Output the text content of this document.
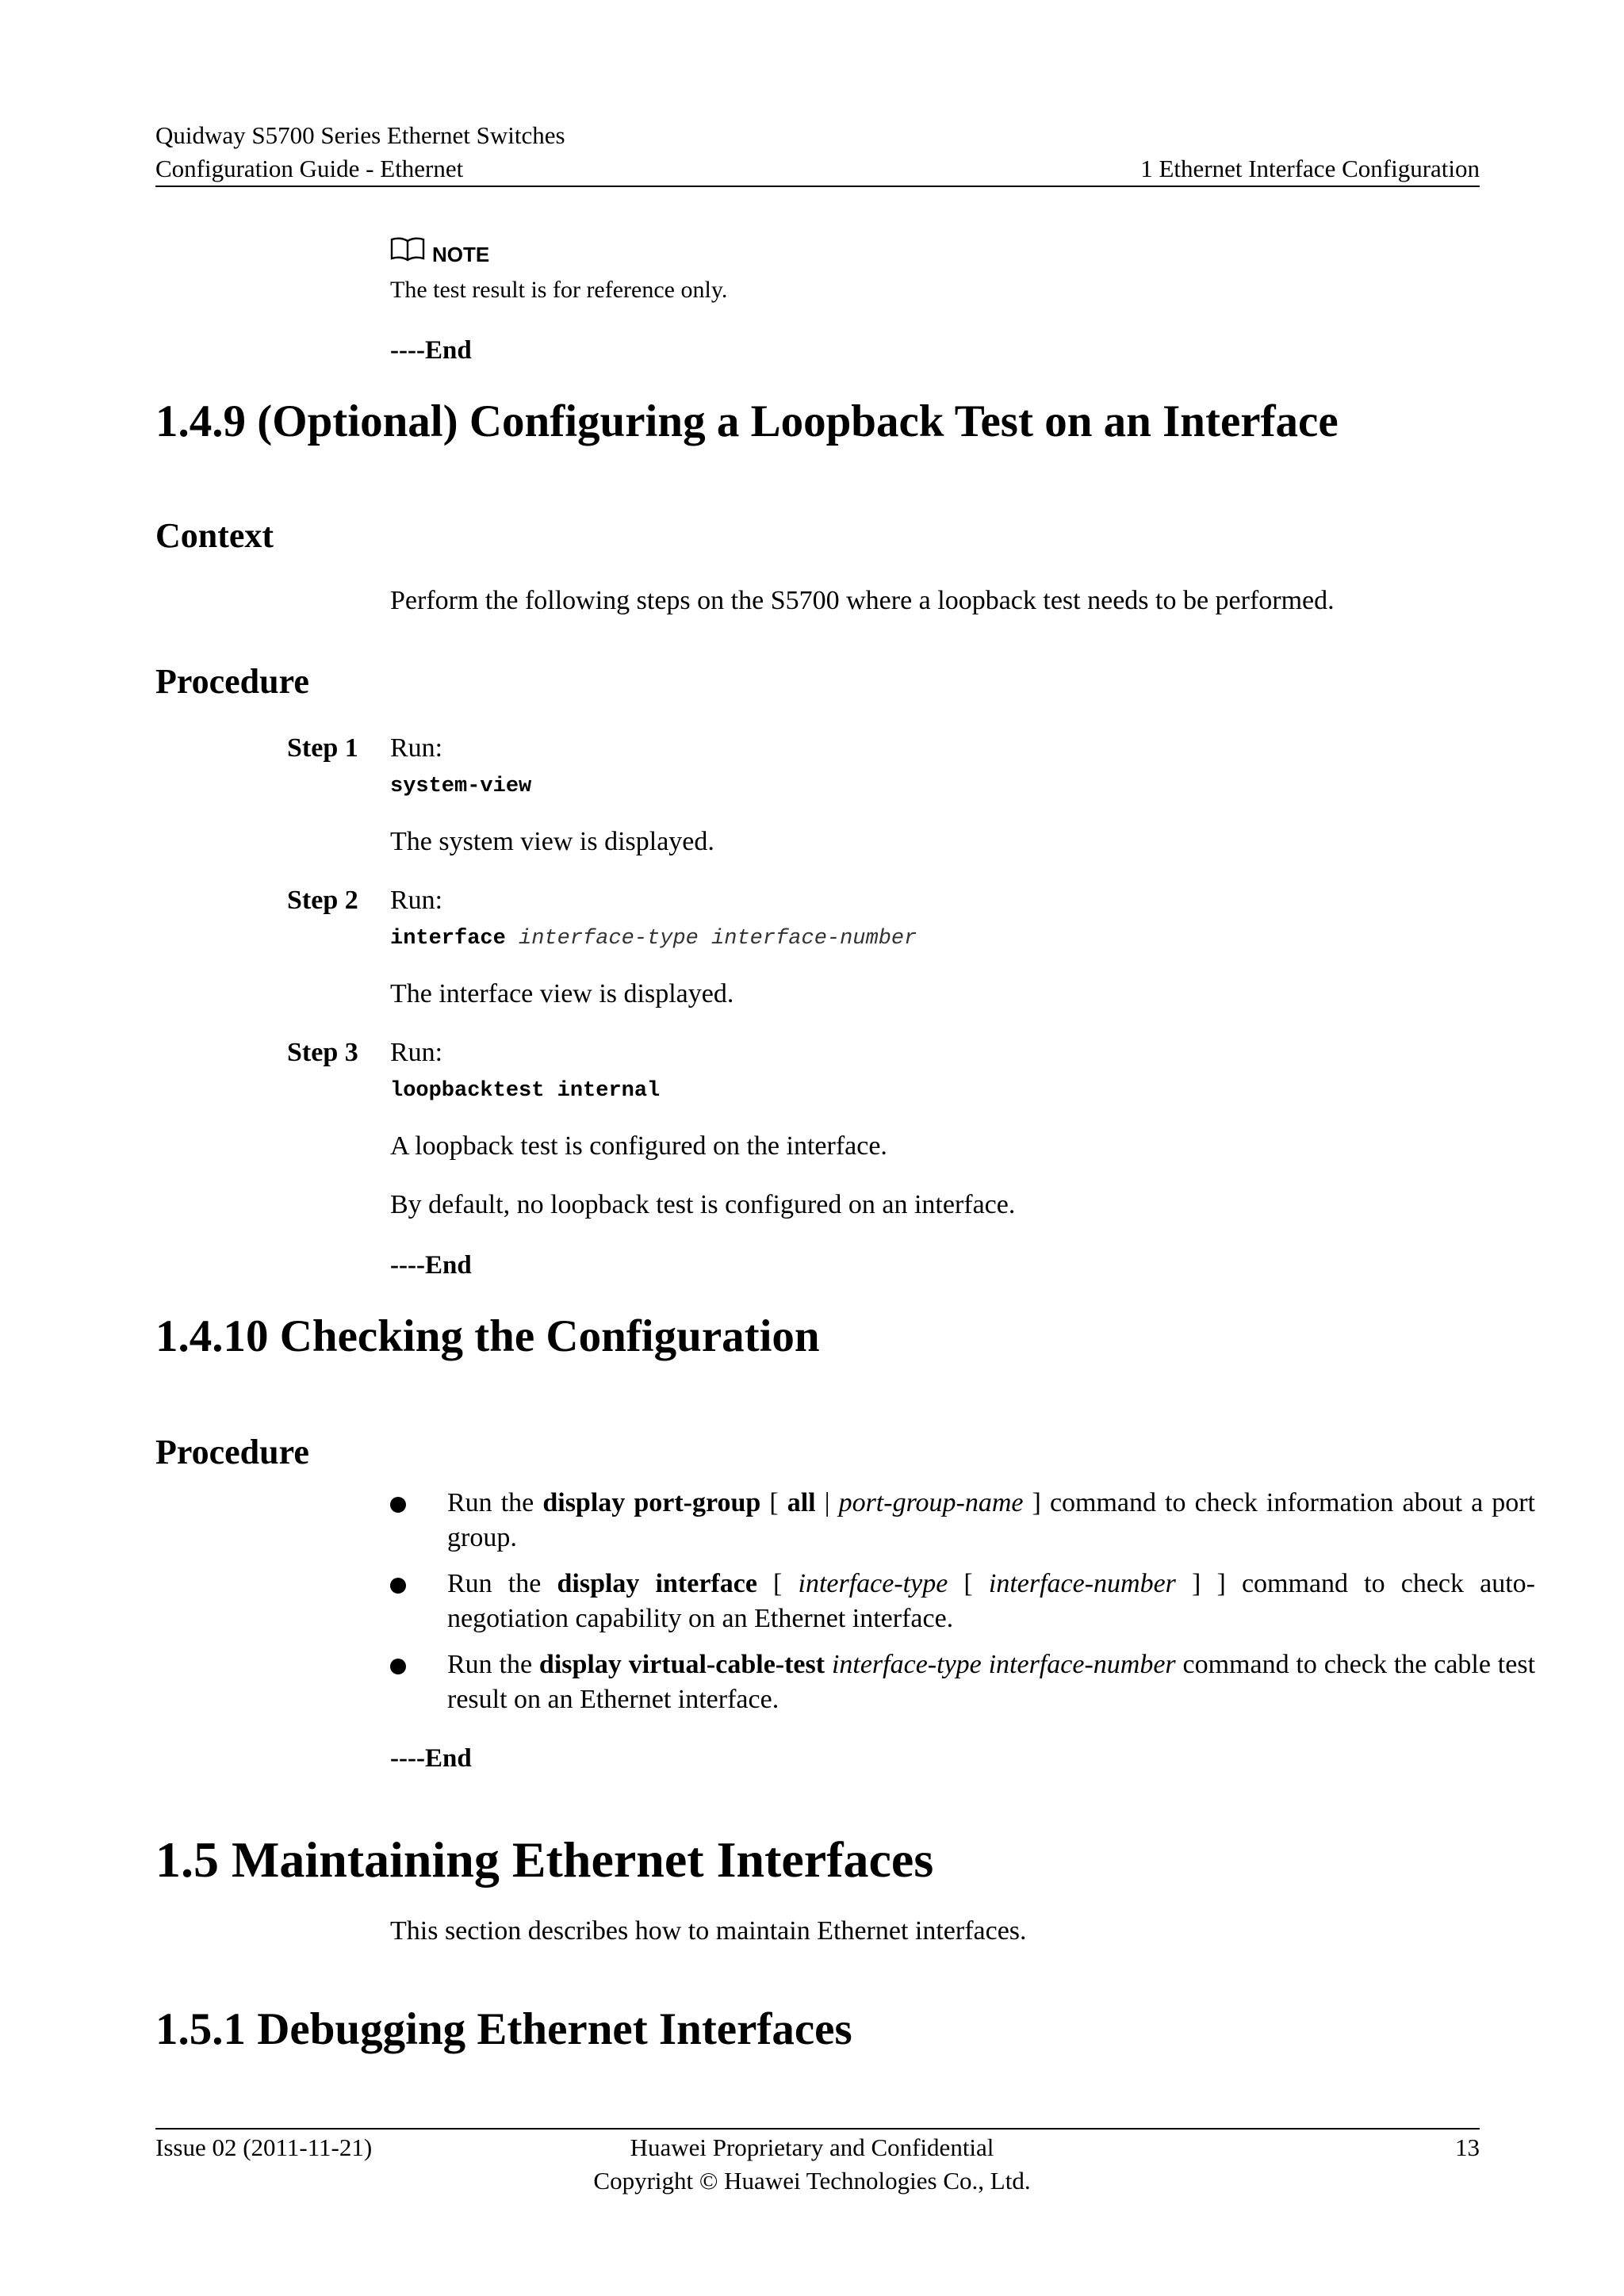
Quidway S5700 Series Ethernet Switches
Configuration Guide - Ethernet	1 Ethernet Interface Configuration
NOTE
The test result is for reference only.
----End
1.4.9 (Optional) Configuring a Loopback Test on an Interface
Context
Perform the following steps on the S5700 where a loopback test needs to be performed.
Procedure
Step 1 Run:
system-view
The system view is displayed.
Step 2 Run:
interface interface-type interface-number
The interface view is displayed.
Step 3 Run:
loopbacktest internal
A loopback test is configured on the interface.
By default, no loopback test is configured on an interface.
----End
1.4.10 Checking the Configuration
Procedure
Run the display port-group [ all | port-group-name ] command to check information about a port group.
Run the display interface [ interface-type [ interface-number ] ] command to check auto-negotiation capability on an Ethernet interface.
Run the display virtual-cable-test interface-type interface-number command to check the cable test result on an Ethernet interface.
----End
1.5 Maintaining Ethernet Interfaces
This section describes how to maintain Ethernet interfaces.
1.5.1 Debugging Ethernet Interfaces
Issue 02 (2011-11-21)	Huawei Proprietary and Confidential
Copyright © Huawei Technologies Co., Ltd.
13
